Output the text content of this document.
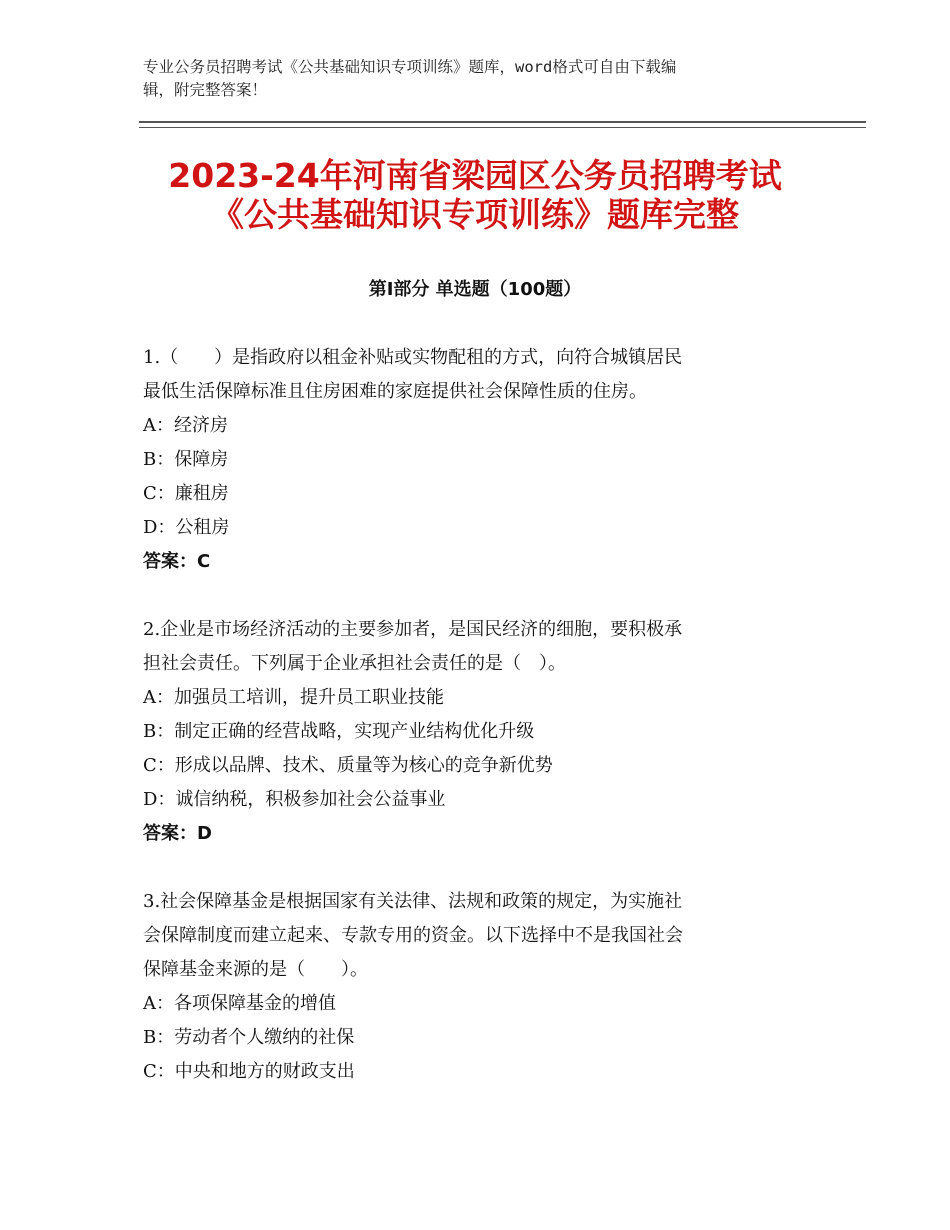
专业公务员招聘考试《公共基础知识专项训练》题库，word格式可自由下载编
辑，附完整答案！
2023-24年河南省梁园区公务员招聘考试
《公共基础知识专项训练》题库完整
第Ⅰ部分 单选题（100题）
1.（　　）是指政府以租金补贴或实物配租的方式，向符合城镇居民
最低生活保障标准且住房困难的家庭提供社会保障性质的住房。
A：经济房
B：保障房
C：廉租房
D：公租房
答案：C
2.企业是市场经济活动的主要参加者，是国民经济的细胞，要积极承
担社会责任。下列属于企业承担社会责任的是（　）。
A：加强员工培训，提升员工职业技能
B：制定正确的经营战略，实现产业结构优化升级
C：形成以品牌、技术、质量等为核心的竞争新优势
D：诚信纳税，积极参加社会公益事业
答案：D
3.社会保障基金是根据国家有关法律、法规和政策的规定，为实施社
会保障制度而建立起来、专款专用的资金。以下选择中不是我国社会
保障基金来源的是（　　）。
A：各项保障基金的增值
B：劳动者个人缴纳的社保
C：中央和地方的财政支出
